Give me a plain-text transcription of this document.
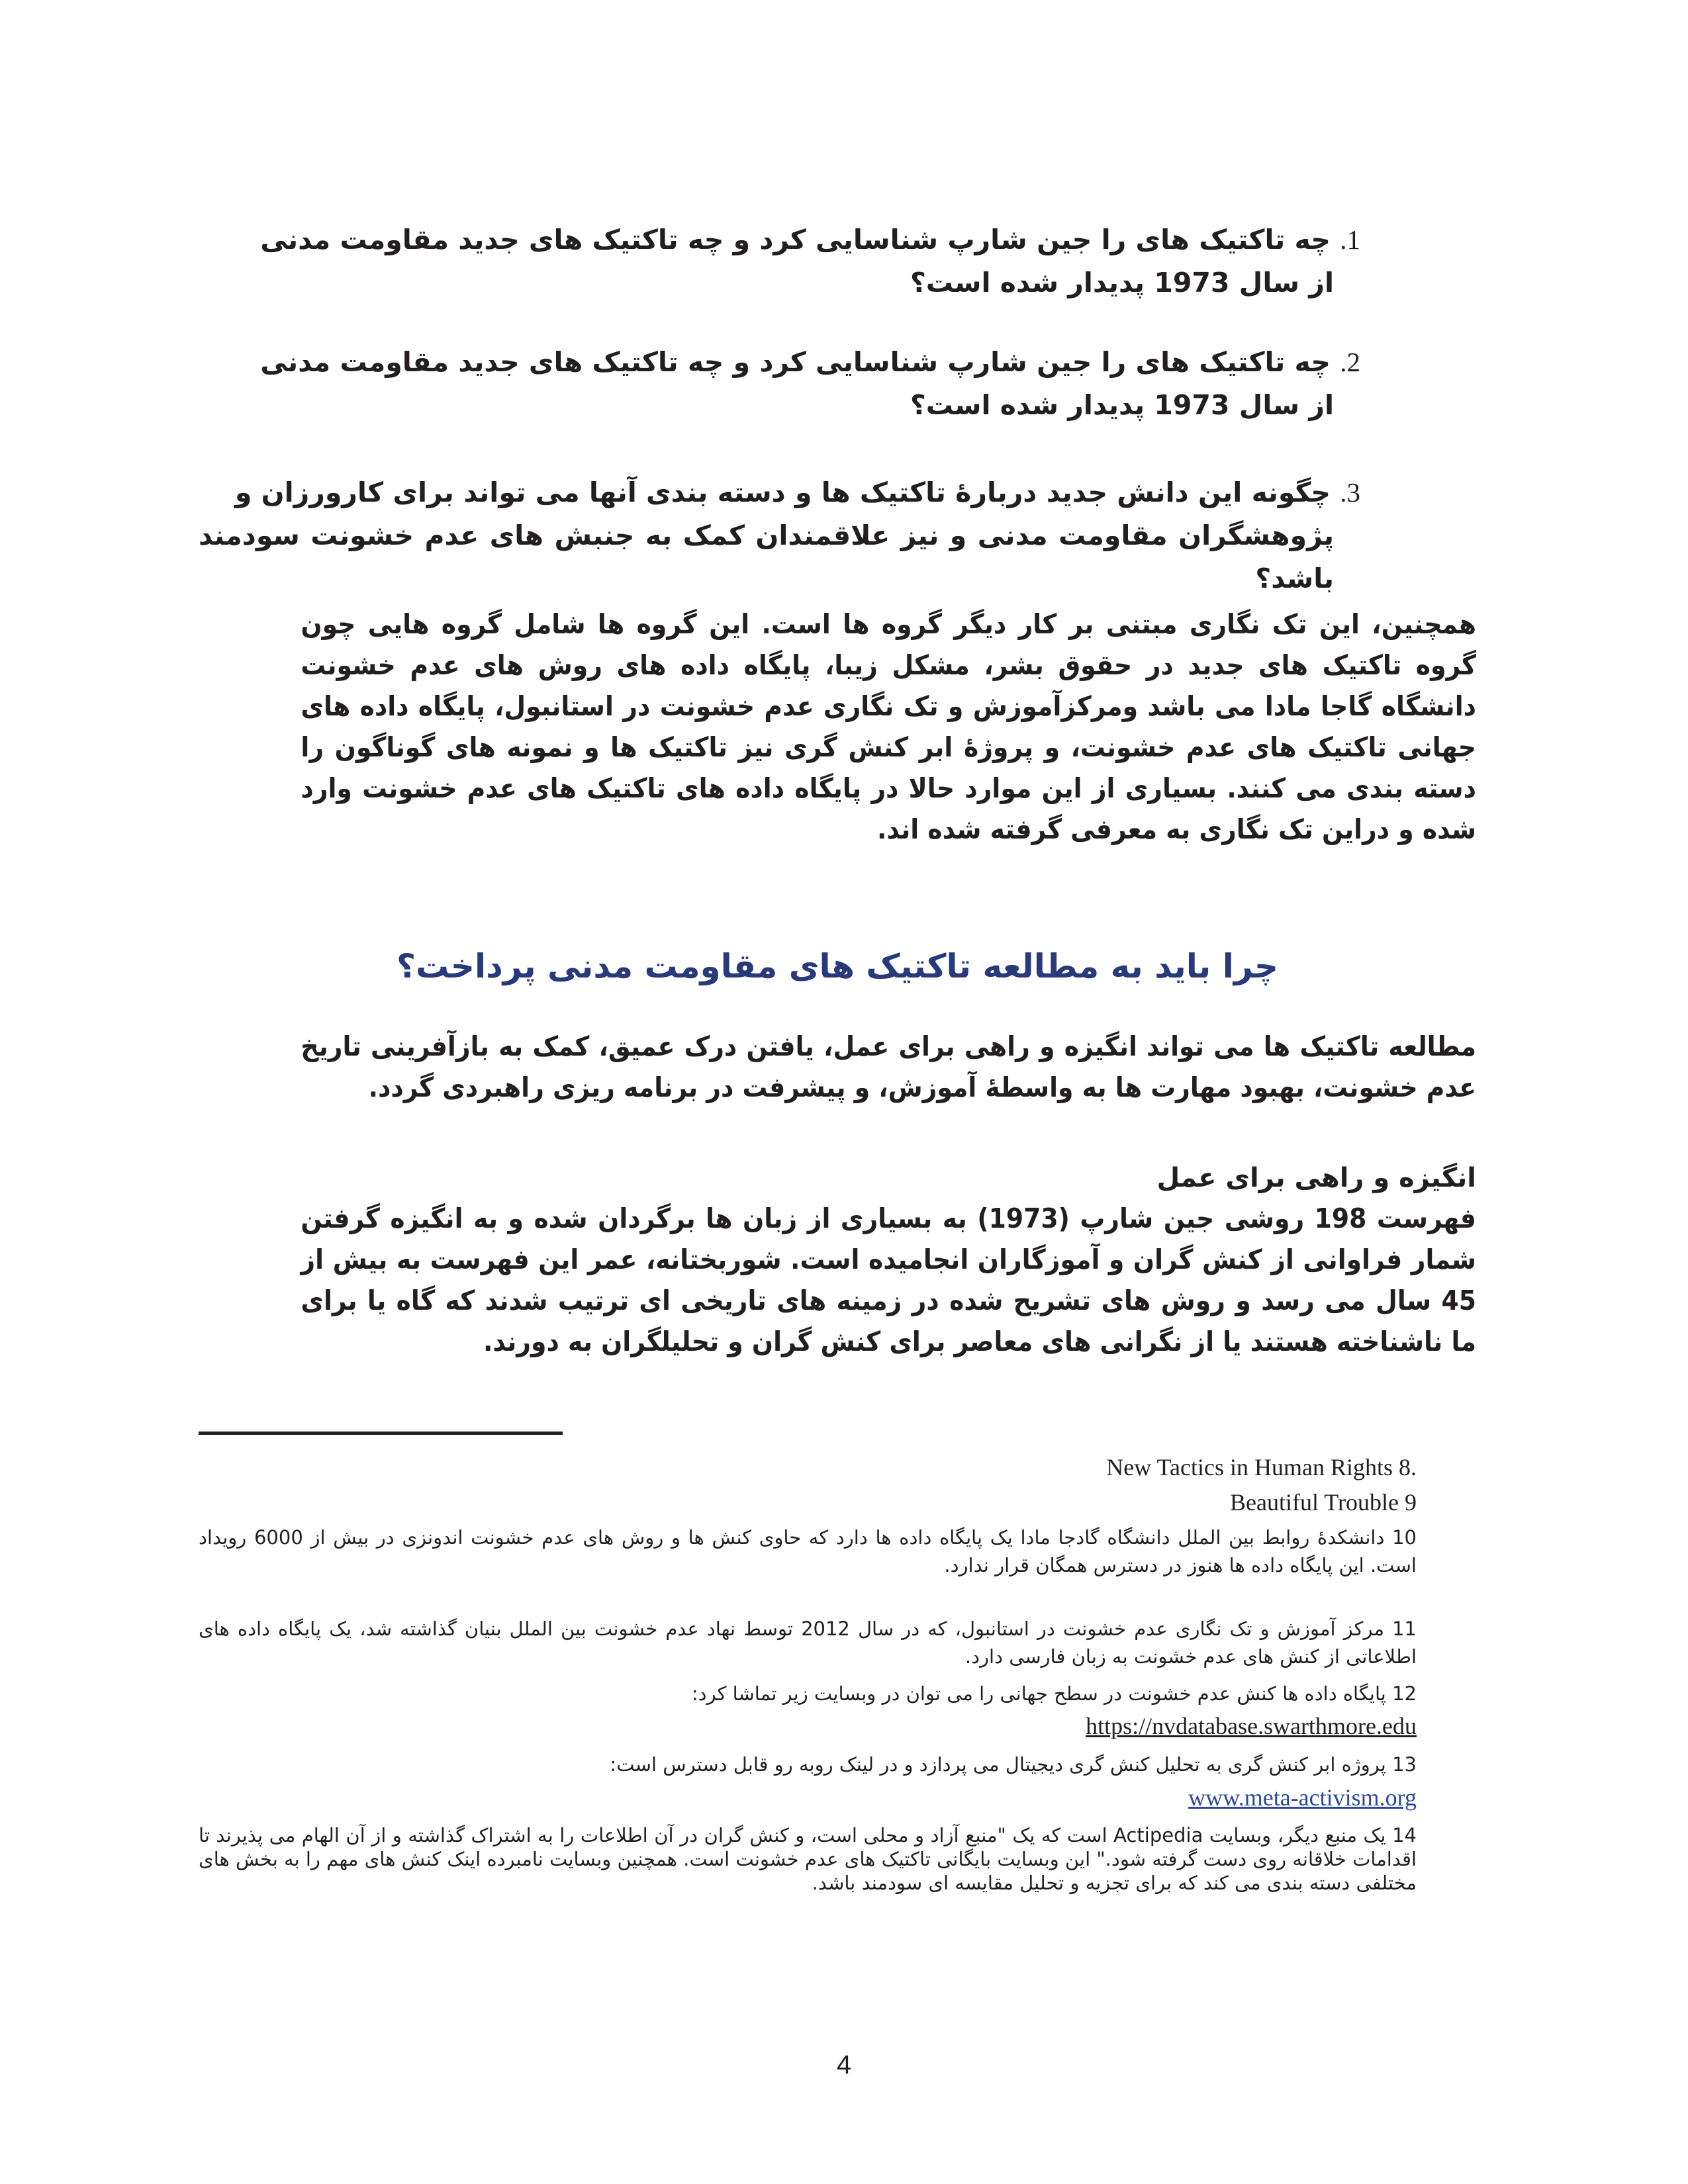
1. چه تاکتیک های را جین شارپ شناسایی کرد و چه تاکتیک های جدید مقاومت مدنی
از سال 1973 پدیدار شده است؟
2. چه تاکتیک های را جین شارپ شناسایی کرد و چه تاکتیک های جدید مقاومت مدنی
از سال 1973 پدیدار شده است؟
3. چگونه این دانش جدید دربارهٔ تاکتیک ها و دسته بندی آنها می تواند برای کارورزان و
پژوهشگران مقاومت مدنی و نیز علاقمندان کمک به جنبش های عدم خشونت سودمند باشد؟
همچنین، این تک نگاری مبتنی بر کار دیگر گروه ها است. این گروه ها شامل گروه هایی چون گروه تاکتیک های جدید در حقوق بشر، مشکل زیبا، پایگاه داده های روش های عدم خشونت دانشگاه گاجا مادا می باشد ومرکزآموزش و تک نگاری عدم خشونت در استانبول، پایگاه داده های جهانی تاکتیک های عدم خشونت، و پروژهٔ ابر کنش گری نیز تاکتیک ها و نمونه های گوناگون را دسته بندی می کنند. بسیاری از این موارد حالا در پایگاه داده های تاکتیک های عدم خشونت وارد شده و دراین تک نگاری به معرفی گرفته شده اند.
چرا باید به مطالعه تاکتیک های مقاومت مدنی پرداخت؟
مطالعه تاکتیک ها می تواند انگیزه و راهی برای عمل، یافتن درک عمیق، کمک به بازآفرینی تاریخ عدم خشونت، بهبود مهارت ها به واسطهٔ آموزش، و پیشرفت در برنامه ریزی راهبردی گردد.
انگیزه و راهی برای عمل
فهرست 198 روشی جین شارپ (1973) به بسیاری از زبان ها برگردان شده و به انگیزه گرفتن شمار فراوانی از کنش گران و آموزگاران انجامیده است. شوربختانه، عمر این فهرست به بیش از 45 سال می رسد و روش های تشریح شده در زمینه های تاریخی ای ترتیب شدند که گاه یا برای ما ناشناخته هستند یا از نگرانی های معاصر برای کنش گران و تحلیلگران به دورند.
New Tactics in Human Rights 8.
Beautiful Trouble 9
10 دانشکدهٔ روابط بین الملل دانشگاه گادجا مادا یک پایگاه داده ها دارد که حاوی کنش ها و روش های عدم خشونت اندونزی در بیش از 6000 رویداد است. این پایگاه داده ها هنوز در دسترس همگان قرار ندارد.
11 مرکز آموزش و تک نگاری عدم خشونت در استانبول، که در سال 2012 توسط نهاد عدم خشونت بین الملل بنیان گذاشته شد، یک پایگاه داده های اطلاعاتی از کنش های عدم خشونت به زبان فارسی دارد.
12 پایگاه داده ها کنش عدم خشونت در سطح جهانی را می توان در وبسایت زیر تماشا کرد:
https://nvdatabase.swarthmore.edu
13 پروژه ابر کنش گری به تحلیل کنش گری دیجیتال می پردازد و در لینک روبه رو قابل دسترس است:
www.meta-activism.org
14 یک منبع دیگر، وبسایت Actipedia است که یک "منبع آزاد و محلی است، و کنش گران در آن اطلاعات را به اشتراک گذاشته و از آن الهام می پذیرند تا اقدامات خلاقانه روی دست گرفته شود." این وبسایت بایگانی تاکتیک های عدم خشونت است. همچنین وبسایت نامبرده اینک کنش های مهم را به بخش های مختلفی دسته بندی می کند که برای تجزیه و تحلیل مقایسه ای سودمند باشد.
4
